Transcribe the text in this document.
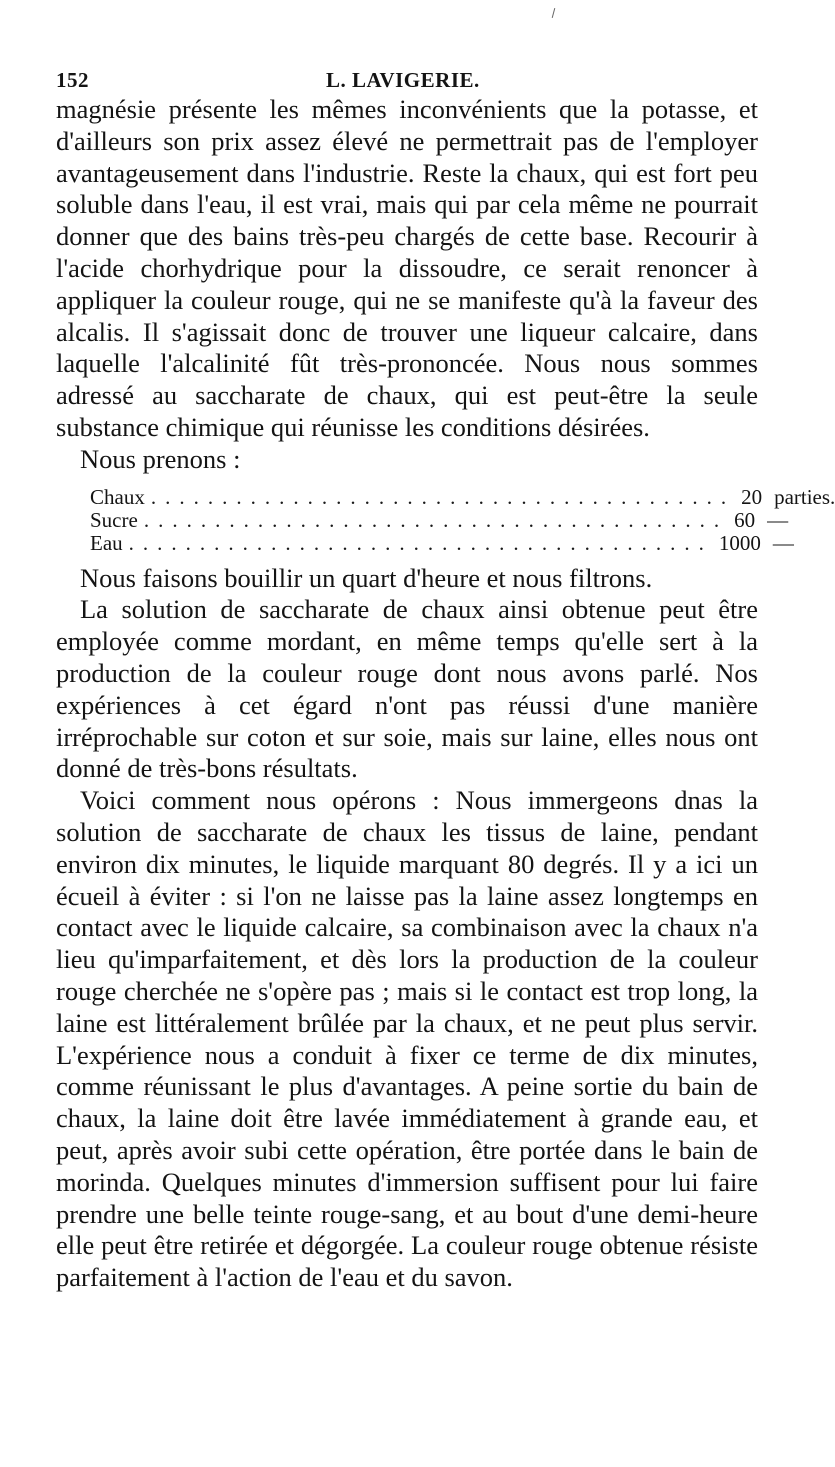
152	L. LAVIGERIE.

magnésie présente les mêmes inconvénients que la potasse, et d'ailleurs son prix assez élevé ne permettrait pas de l'employer avantageusement dans l'industrie. Reste la chaux, qui est fort peu soluble dans l'eau, il est vrai, mais qui par cela même ne pourrait donner que des bains très-peu chargés de cette base. Recourir à l'acide chorhydrique pour la dissoudre, ce serait renoncer à appliquer la couleur rouge, qui ne se manifeste qu'à la faveur des alcalis. Il s'agissait donc de trouver une liqueur calcaire, dans laquelle l'alcalinité fût très-prononcée. Nous nous sommes adressé au saccharate de chaux, qui est peut-être la seule substance chimique qui réunisse les conditions désirées.

Nous prenons :

Chaux ......................................... 20 parties.
Sucre ......................................... 60 —
Eau ......................................... 1000 —

Nous faisons bouillir un quart d'heure et nous filtrons.

La solution de saccharate de chaux ainsi obtenue peut être employée comme mordant, en même temps qu'elle sert à la production de la couleur rouge dont nous avons parlé. Nos expériences à cet égard n'ont pas réussi d'une manière irréprochable sur coton et sur soie, mais sur laine, elles nous ont donné de très-bons résultats.

Voici comment nous opérons : Nous immergeons dnas la solution de saccharate de chaux les tissus de laine, pendant environ dix minutes, le liquide marquant 80 degrés. Il y a ici un écueil à éviter : si l'on ne laisse pas la laine assez longtemps en contact avec le liquide calcaire, sa combinaison avec la chaux n'a lieu qu'imparfaitement, et dès lors la production de la couleur rouge cherchée ne s'opère pas ; mais si le contact est trop long, la laine est littéralement brûlée par la chaux, et ne peut plus servir. L'expérience nous a conduit à fixer ce terme de dix minutes, comme réunissant le plus d'avantages. A peine sortie du bain de chaux, la laine doit être lavée immédiatement à grande eau, et peut, après avoir subi cette opération, être portée dans le bain de morinda. Quelques minutes d'immersion suffisent pour lui faire prendre une belle teinte rouge-sang, et au bout d'une demi-heure elle peut être retirée et dégorgée. La couleur rouge obtenue résiste parfaitement à l'action de l'eau et du savon.
